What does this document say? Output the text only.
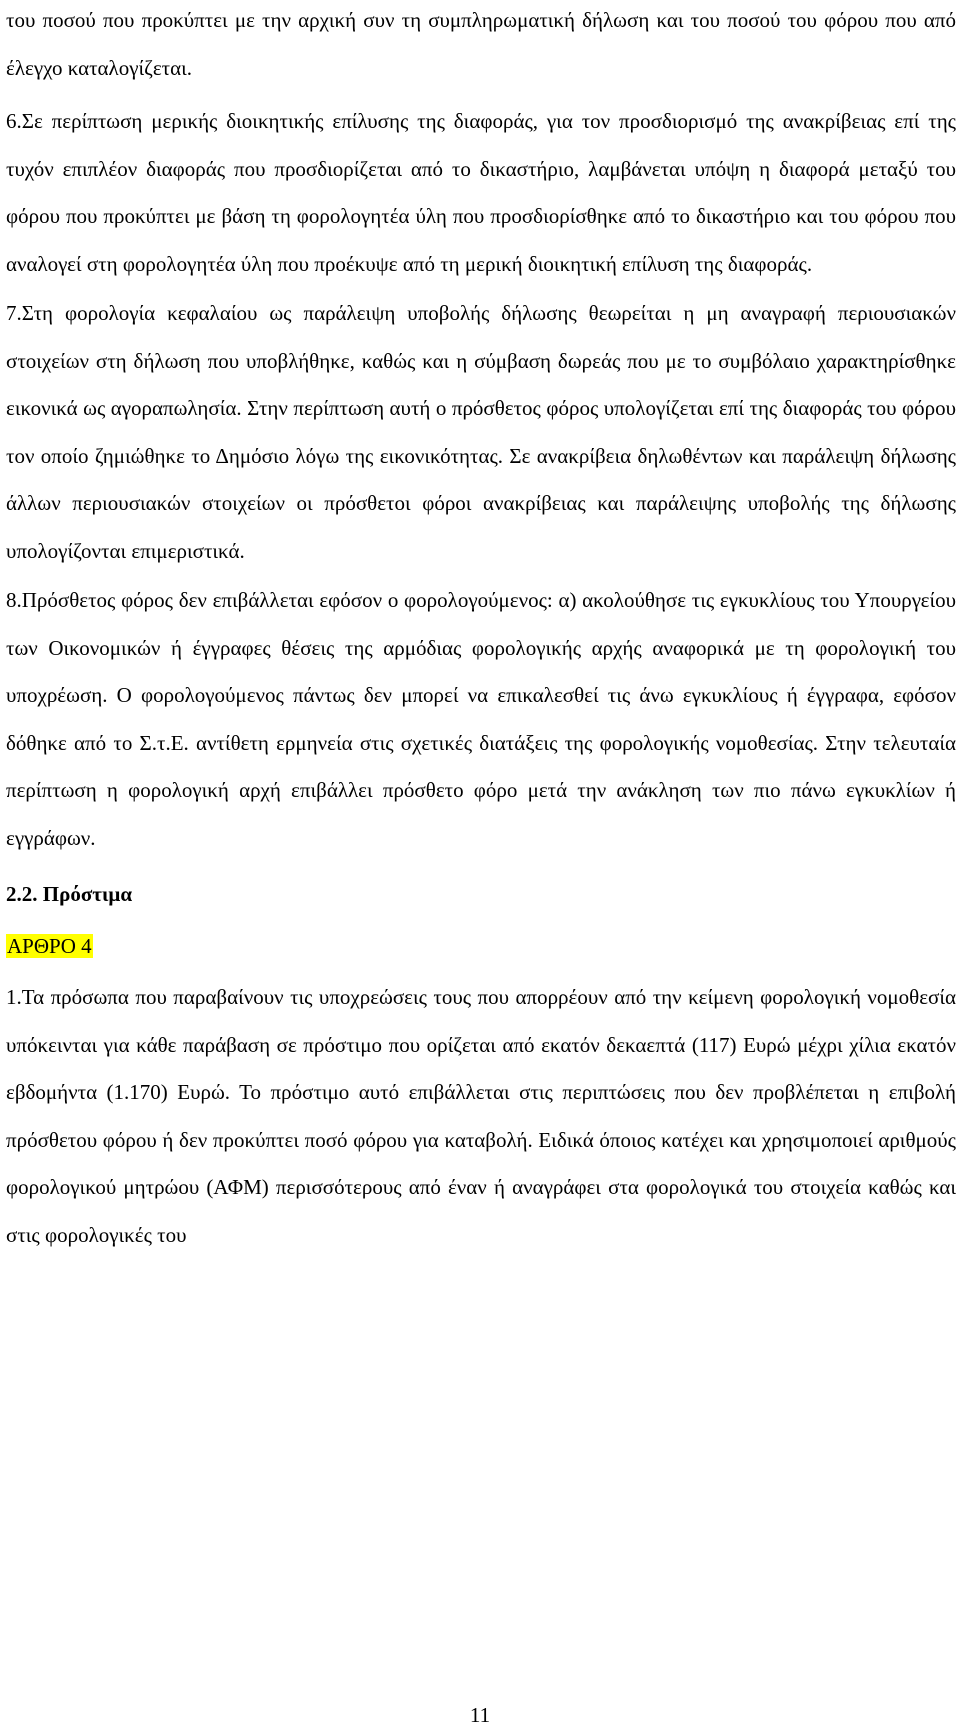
του ποσού που προκύπτει με την αρχική συν τη συμπληρωματική δήλωση και του ποσού του φόρου που από έλεγχο καταλογίζεται.

6.Σε περίπτωση μερικής διοικητικής επίλυσης της διαφοράς, για τον προσδιορισμό της ανακρίβειας επί της τυχόν επιπλέον διαφοράς που προσδιορίζεται από το δικαστήριο, λαμβάνεται υπόψη η διαφορά μεταξύ του φόρου που προκύπτει με βάση τη φορολογητέα ύλη που προσδιορίσθηκε από το δικαστήριο και του φόρου που αναλογεί στη φορολογητέα ύλη που προέκυψε από τη μερική διοικητική επίλυση της διαφοράς.

7.Στη φορολογία κεφαλαίου ως παράλειψη υποβολής δήλωσης θεωρείται η μη αναγραφή περιουσιακών στοιχείων στη δήλωση που υποβλήθηκε, καθώς και η σύμβαση δωρεάς που με το συμβόλαιο χαρακτηρίσθηκε εικονικά ως αγοραπωλησία. Στην περίπτωση αυτή ο πρόσθετος φόρος υπολογίζεται επί της διαφοράς του φόρου τον οποίο ζημιώθηκε το Δημόσιο λόγω της εικονικότητας. Σε ανακρίβεια δηλωθέντων και παράλειψη δήλωσης άλλων περιουσιακών στοιχείων οι πρόσθετοι φόροι ανακρίβειας και παράλειψης υποβολής της δήλωσης υπολογίζονται επιμεριστικά.

8.Πρόσθετος φόρος δεν επιβάλλεται εφόσον ο φορολογούμενος: α) ακολούθησε τις εγκυκλίους του Υπουργείου των Οικονομικών ή έγγραφες θέσεις της αρμόδιας φορολογικής αρχής αναφορικά με τη φορολογική του υποχρέωση. Ο φορολογούμενος πάντως δεν μπορεί να επικαλεσθεί τις άνω εγκυκλίους ή έγγραφα, εφόσον δόθηκε από το Σ.τ.Ε. αντίθετη ερμηνεία στις σχετικές διατάξεις της φορολογικής νομοθεσίας. Στην τελευταία περίπτωση η φορολογική αρχή επιβάλλει πρόσθετο φόρο μετά την ανάκληση των πιο πάνω εγκυκλίων ή εγγράφων.

2.2. Πρόστιμα

ΑΡΘΡΟ 4

1.Τα πρόσωπα που παραβαίνουν τις υποχρεώσεις τους που απορρέουν από την κείμενη φορολογική νομοθεσία υπόκεινται για κάθε παράβαση σε πρόστιμο που ορίζεται από εκατόν δεκαεπτά (117) Ευρώ μέχρι χίλια εκατόν εβδομήντα (1.170) Ευρώ. Το πρόστιμο αυτό επιβάλλεται στις περιπτώσεις που δεν προβλέπεται η επιβολή πρόσθετου φόρου ή δεν προκύπτει ποσό φόρου για καταβολή. Ειδικά όποιος κατέχει και χρησιμοποιεί αριθμούς φορολογικού μητρώου (ΑΦΜ) περισσότερους από έναν ή αναγράφει στα φορολογικά του στοιχεία καθώς και στις φορολογικές του

11
